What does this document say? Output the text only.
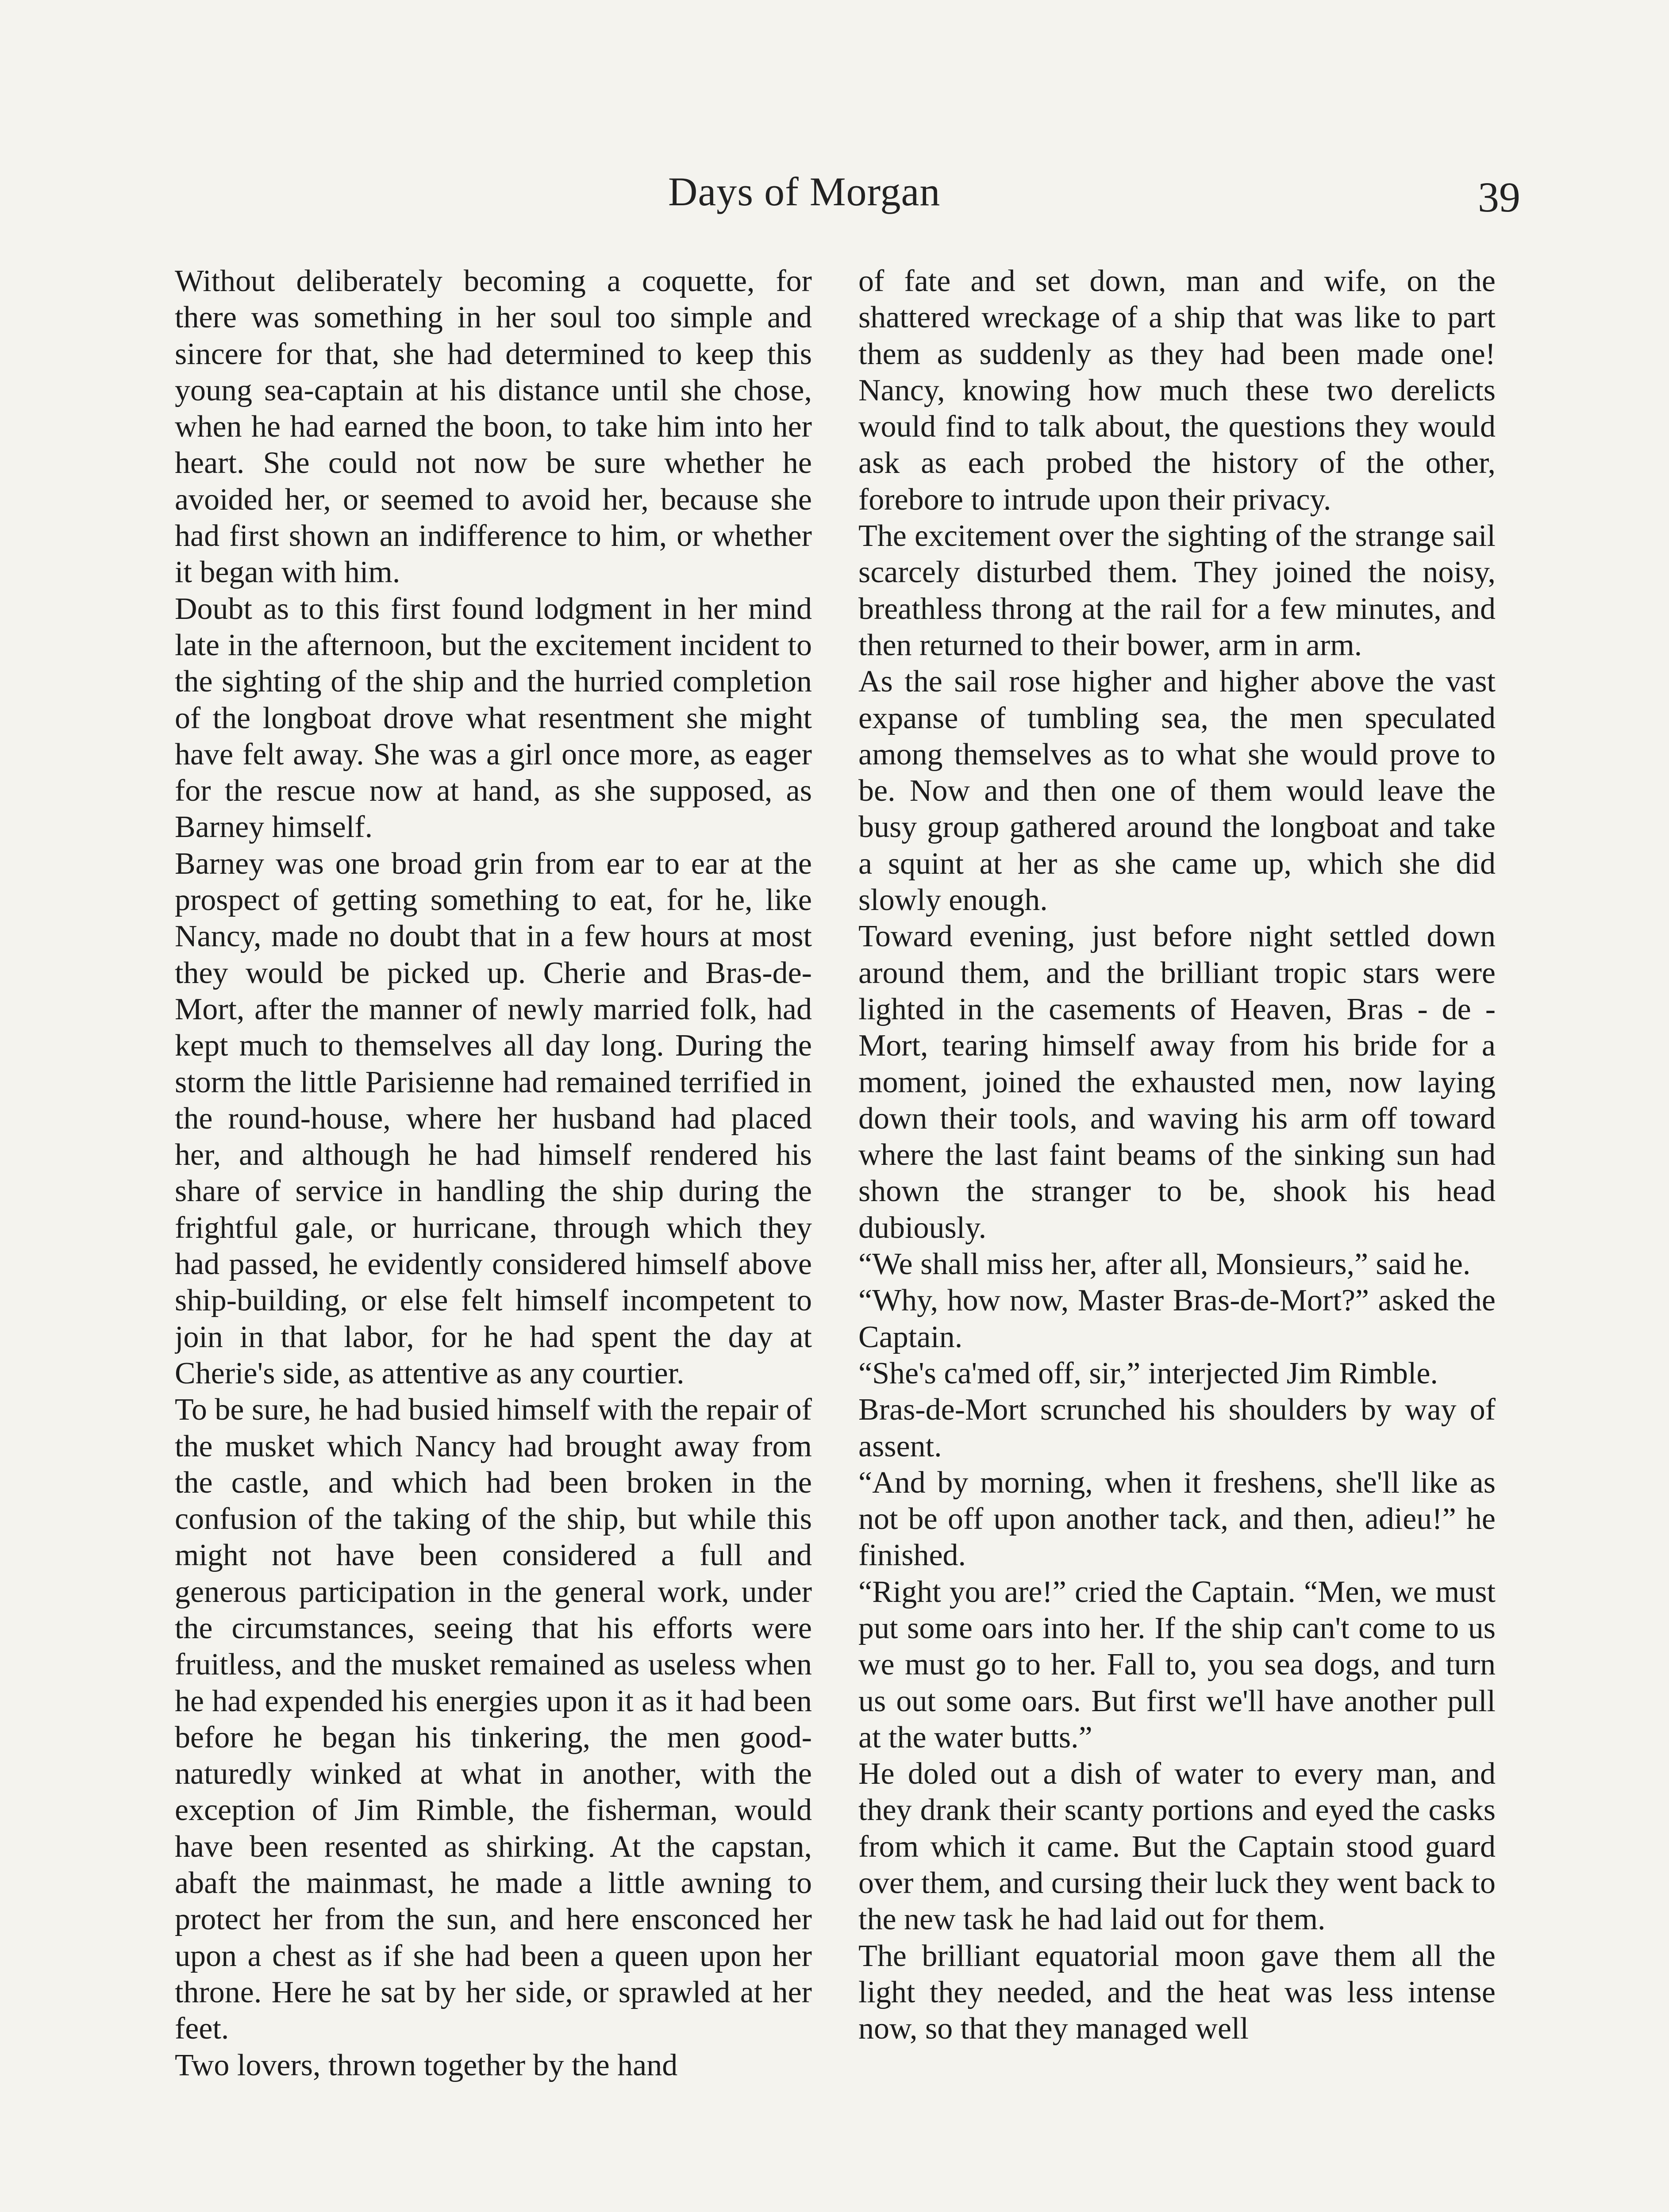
Days of Morgan	39

Without deliberately becoming a coquette, for there was something in her soul too simple and sincere for that, she had determined to keep this young sea-captain at his distance until she chose, when he had earned the boon, to take him into her heart. She could not now be sure whether he avoided her, or seemed to avoid her, because she had first shown an indifference to him, or whether it began with him.

Doubt as to this first found lodgment in her mind late in the afternoon, but the excitement incident to the sighting of the ship and the hurried completion of the longboat drove what resentment she might have felt away. She was a girl once more, as eager for the rescue now at hand, as she supposed, as Barney himself.

Barney was one broad grin from ear to ear at the prospect of getting something to eat, for he, like Nancy, made no doubt that in a few hours at most they would be picked up. Cherie and Bras-de-Mort, after the manner of newly married folk, had kept much to themselves all day long. During the storm the little Parisienne had remained terrified in the round-house, where her husband had placed her, and although he had himself rendered his share of service in handling the ship during the frightful gale, or hurricane, through which they had passed, he evidently considered himself above ship-building, or else felt himself incompetent to join in that labor, for he had spent the day at Cherie's side, as attentive as any courtier.

To be sure, he had busied himself with the repair of the musket which Nancy had brought away from the castle, and which had been broken in the confusion of the taking of the ship, but while this might not have been considered a full and generous participation in the general work, under the circumstances, seeing that his efforts were fruitless, and the musket remained as useless when he had expended his energies upon it as it had been before he began his tinkering, the men good-naturedly winked at what in another, with the exception of Jim Rimble, the fisherman, would have been resented as shirking. At the capstan, abaft the mainmast, he made a little awning to protect her from the sun, and here ensconced her upon a chest as if she had been a queen upon her throne. Here he sat by her side, or sprawled at her feet.

Two lovers, thrown together by the hand

of fate and set down, man and wife, on the shattered wreckage of a ship that was like to part them as suddenly as they had been made one! Nancy, knowing how much these two derelicts would find to talk about, the questions they would ask as each probed the history of the other, forebore to intrude upon their privacy.

The excitement over the sighting of the strange sail scarcely disturbed them. They joined the noisy, breathless throng at the rail for a few minutes, and then returned to their bower, arm in arm.

As the sail rose higher and higher above the vast expanse of tumbling sea, the men speculated among themselves as to what she would prove to be. Now and then one of them would leave the busy group gathered around the longboat and take a squint at her as she came up, which she did slowly enough.

Toward evening, just before night settled down around them, and the brilliant tropic stars were lighted in the casements of Heaven, Bras - de - Mort, tearing himself away from his bride for a moment, joined the exhausted men, now laying down their tools, and waving his arm off toward where the last faint beams of the sinking sun had shown the stranger to be, shook his head dubiously.

“We shall miss her, after all, Monsieurs,” said he.

“Why, how now, Master Bras-de-Mort?” asked the Captain.

“She's ca'med off, sir,” interjected Jim Rimble.

Bras-de-Mort scrunched his shoulders by way of assent.

“And by morning, when it freshens, she'll like as not be off upon another tack, and then, adieu!” he finished.

“Right you are!” cried the Captain. “Men, we must put some oars into her. If the ship can't come to us we must go to her. Fall to, you sea dogs, and turn us out some oars. But first we'll have another pull at the water butts.”

He doled out a dish of water to every man, and they drank their scanty portions and eyed the casks from which it came. But the Captain stood guard over them, and cursing their luck they went back to the new task he had laid out for them.

The brilliant equatorial moon gave them all the light they needed, and the heat was less intense now, so that they managed well
